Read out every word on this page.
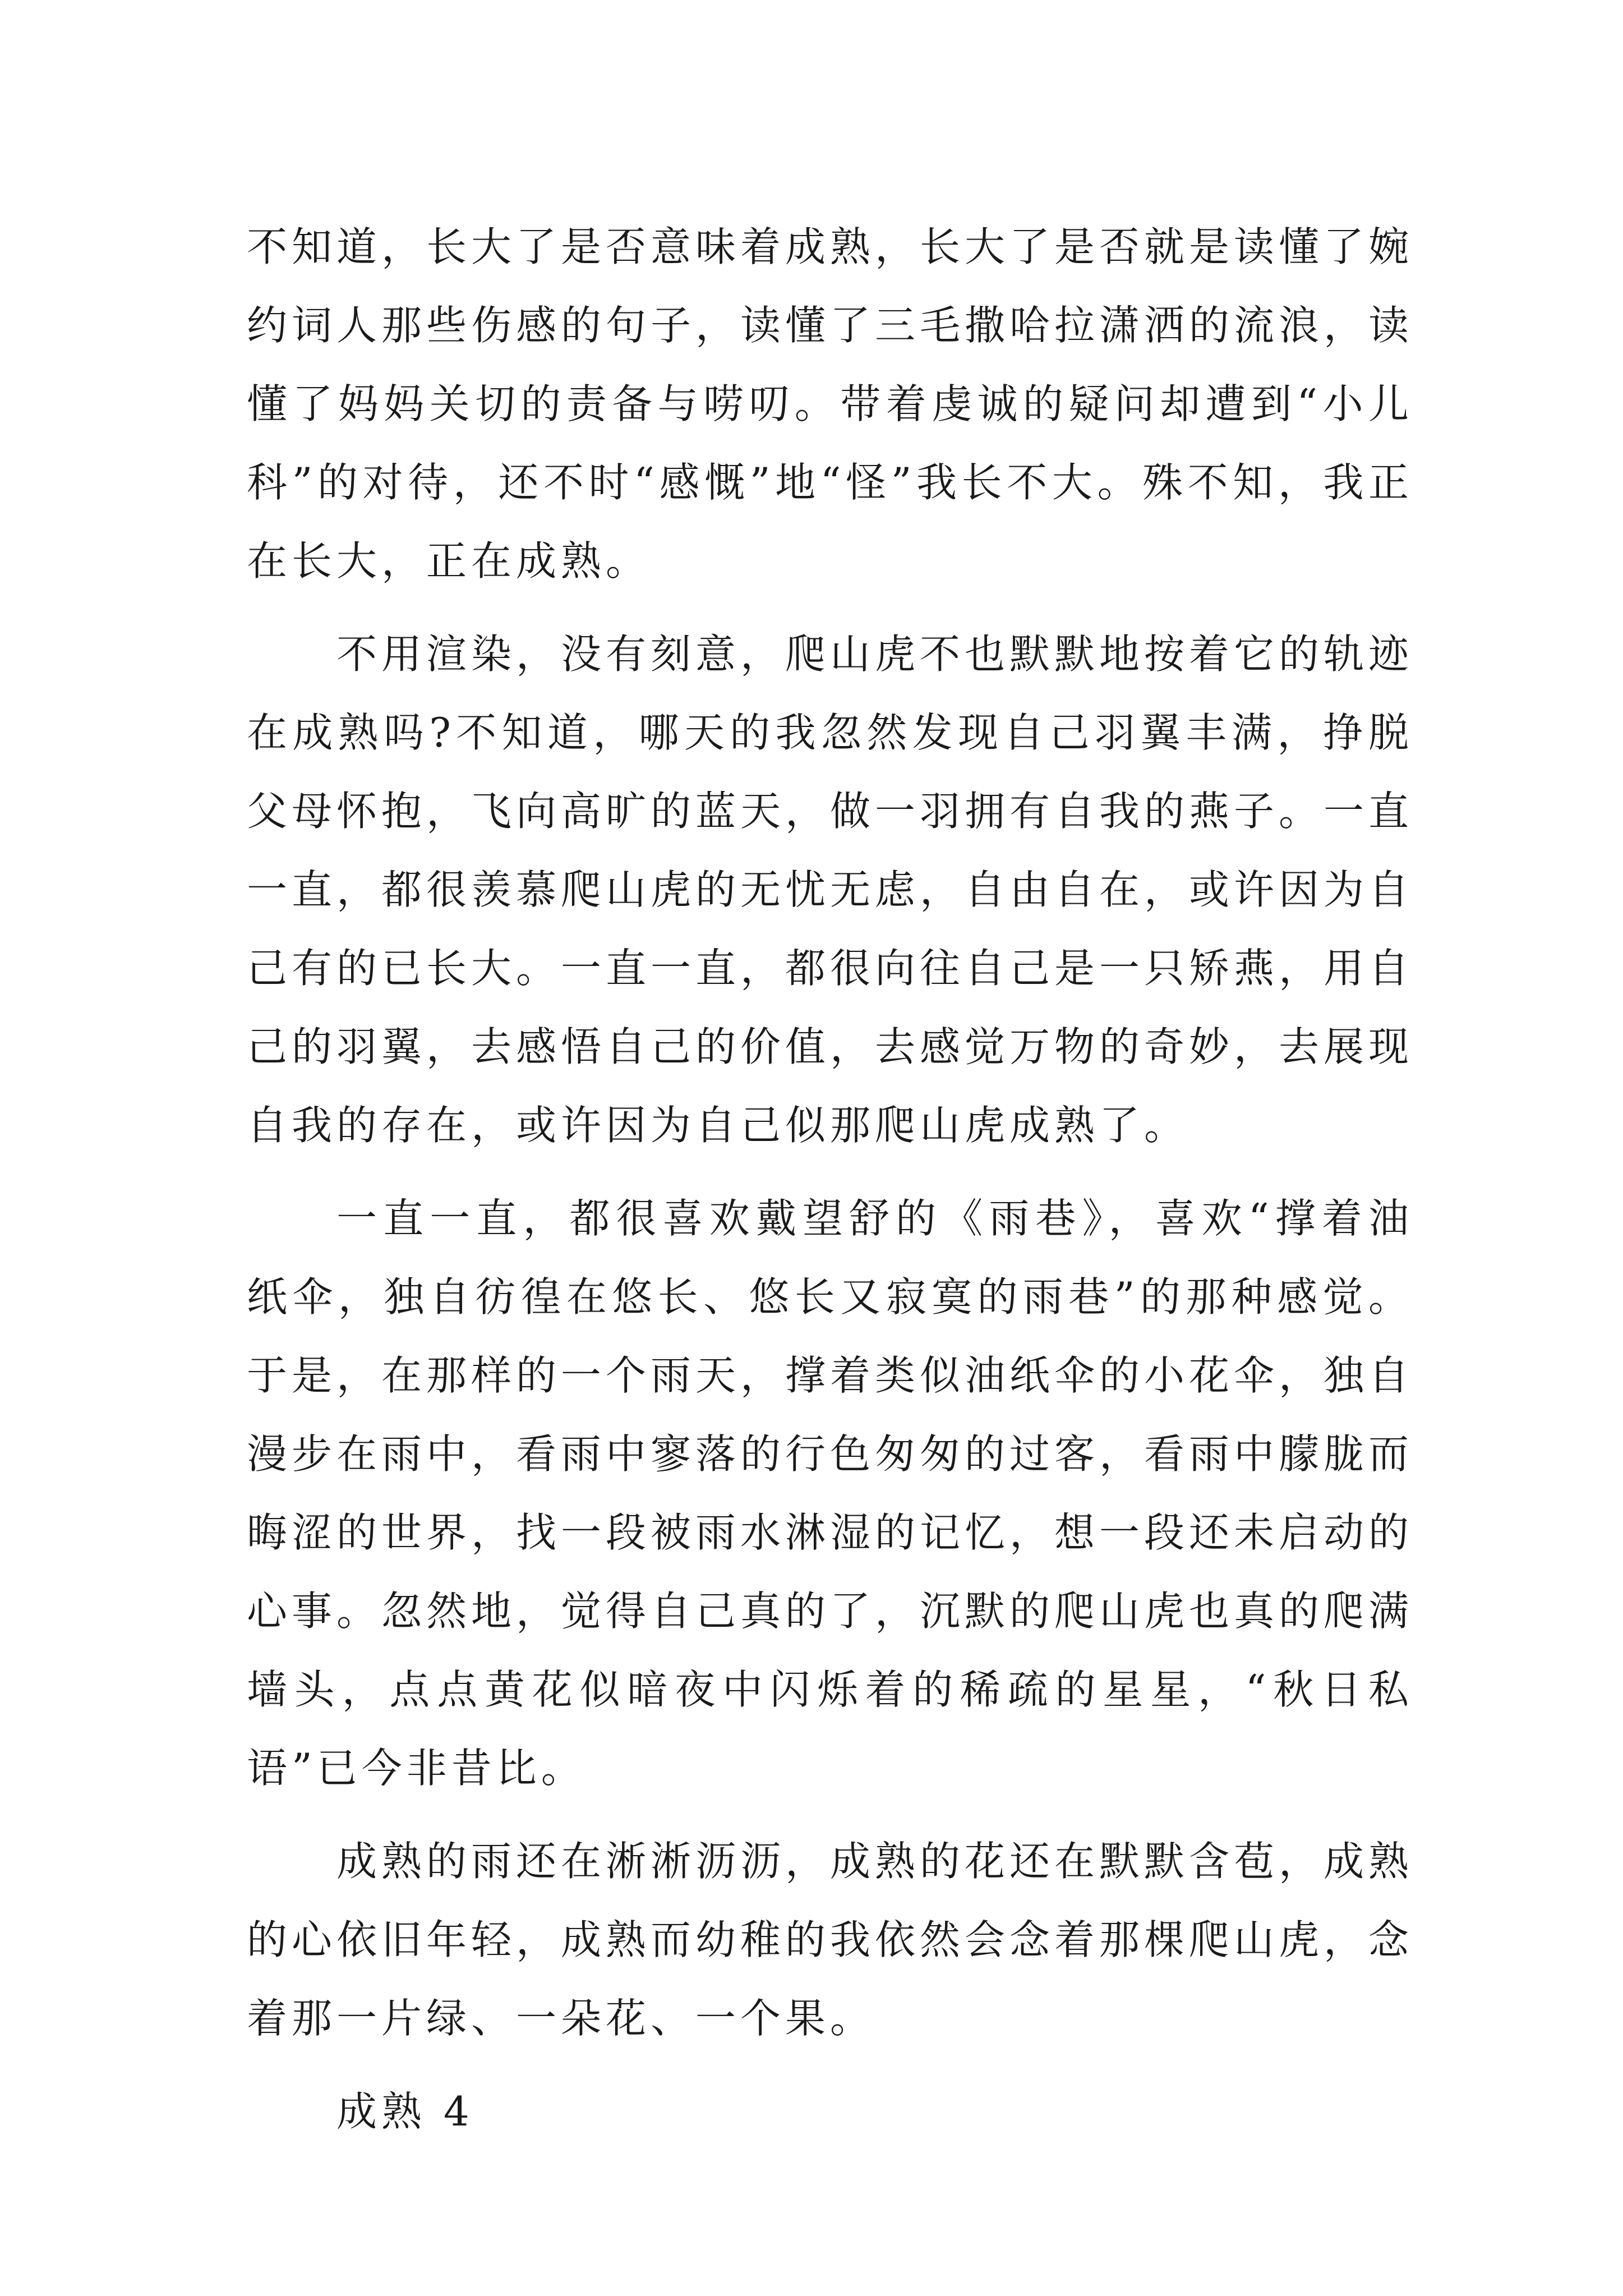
不知道，长大了是否意味着成熟，长大了是否就是读懂了婉约词人那些伤感的句子，读懂了三毛撒哈拉潇洒的流浪，读懂了妈妈关切的责备与唠叨。带着虔诚的疑问却遭到“小儿科”的对待，还不时“感慨”地“怪”我长不大。殊不知，我正在长大，正在成熟。

不用渲染，没有刻意，爬山虎不也默默地按着它的轨迹在成熟吗?不知道，哪天的我忽然发现自己羽翼丰满，挣脱父母怀抱，飞向高旷的蓝天，做一羽拥有自我的燕子。一直一直，都很羡慕爬山虎的无忧无虑，自由自在，或许因为自己有的已长大。一直一直，都很向往自己是一只矫燕，用自己的羽翼，去感悟自己的价值，去感觉万物的奇妙，去展现自我的存在，或许因为自己似那爬山虎成熟了。

一直一直，都很喜欢戴望舒的《雨巷》，喜欢“撑着油纸伞，独自彷徨在悠长、悠长又寂寞的雨巷”的那种感觉。于是，在那样的一个雨天，撑着类似油纸伞的小花伞，独自漫步在雨中，看雨中寥落的行色匆匆的过客，看雨中朦胧而晦涩的世界，找一段被雨水淋湿的记忆，想一段还未启动的心事。忽然地，觉得自己真的了，沉默的爬山虎也真的爬满墙头，点点黄花似暗夜中闪烁着的稀疏的星星，“秋日私语”已今非昔比。

成熟的雨还在淅淅沥沥，成熟的花还在默默含苞，成熟的心依旧年轻，成熟而幼稚的我依然会念着那棵爬山虎，念着那一片绿、一朵花、一个果。

成熟 4
